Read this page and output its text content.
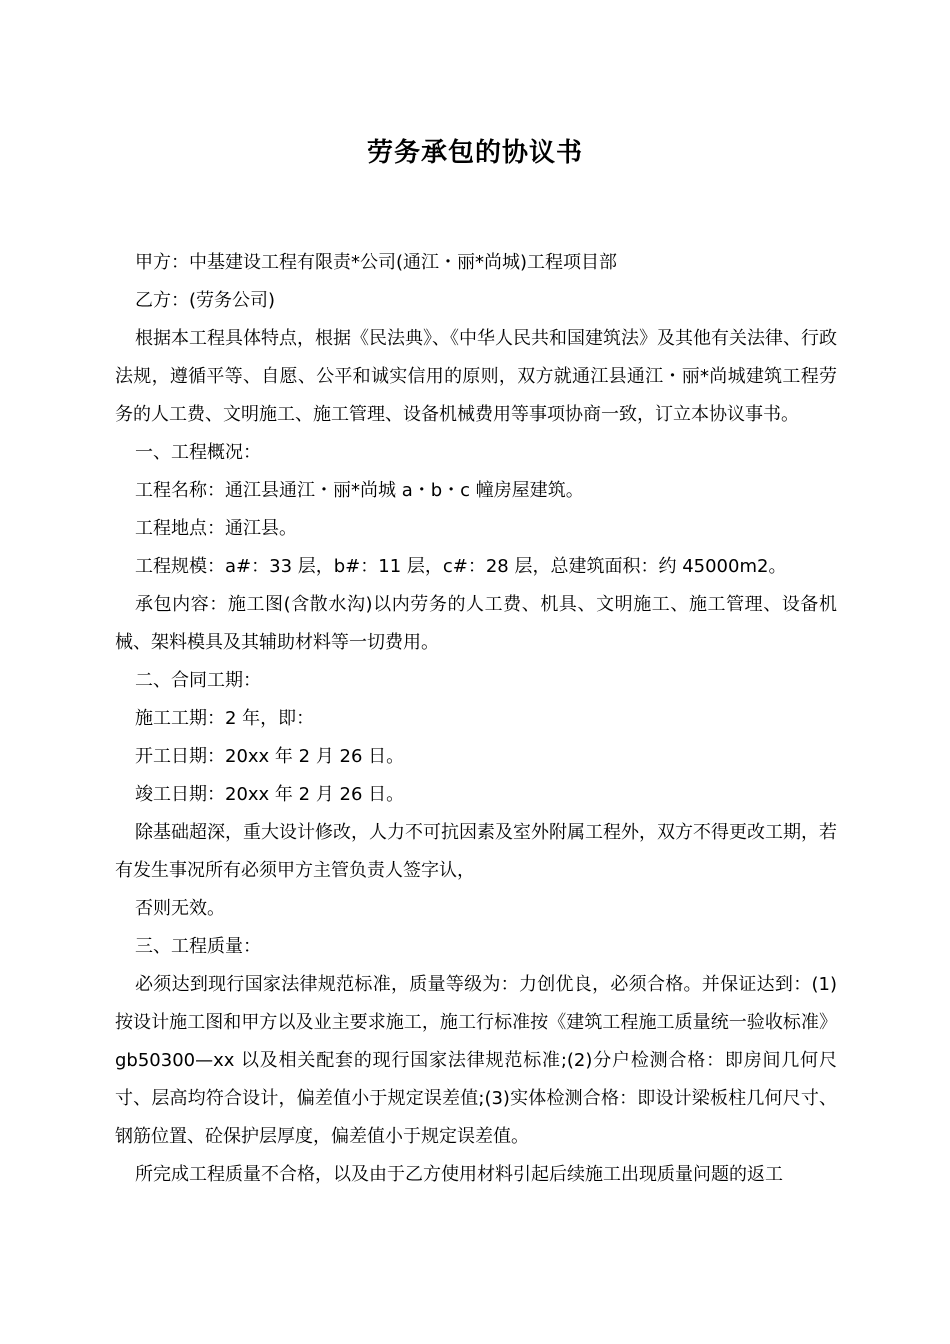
劳务承包的协议书

甲方：中基建设工程有限责*公司(通江・丽*尚城)工程项目部

乙方：(劳务公司)

根据本工程具体特点，根据《民法典》、《中华人民共和国建筑法》及其他有关法律、行政法规，遵循平等、自愿、公平和诚实信用的原则，双方就通江县通江・丽*尚城建筑工程劳务的人工费、文明施工、施工管理、设备机械费用等事项协商一致，订立本协议事书。

一、工程概况：

工程名称：通江县通江・丽*尚城 a・b・c 幢房屋建筑。

工程地点：通江县。

工程规模：a#：33 层，b#：11 层，c#：28 层，总建筑面积：约 45000m2。

承包内容：施工图(含散水沟)以内劳务的人工费、机具、文明施工、施工管理、设备机械、架料模具及其辅助材料等一切费用。

二、合同工期：

施工工期：2 年，即：

开工日期：20xx 年 2 月 26 日。

竣工日期：20xx 年 2 月 26 日。

除基础超深，重大设计修改，人力不可抗因素及室外附属工程外，双方不得更改工期，若有发生事况所有必须甲方主管负责人签字认，

否则无效。

三、工程质量：

必须达到现行国家法律规范标准，质量等级为：力创优良，必须合格。并保证达到：(1)按设计施工图和甲方以及业主要求施工，施工行标准按《建筑工程施工质量统一验收标准》gb50300—xx 以及相关配套的现行国家法律规范标准;(2)分户检测合格：即房间几何尺寸、层高均符合设计，偏差值小于规定误差值;(3)实体检测合格：即设计梁板柱几何尺寸、钢筋位置、砼保护层厚度，偏差值小于规定误差值。

所完成工程质量不合格，以及由于乙方使用材料引起后续施工出现质量问题的返工
